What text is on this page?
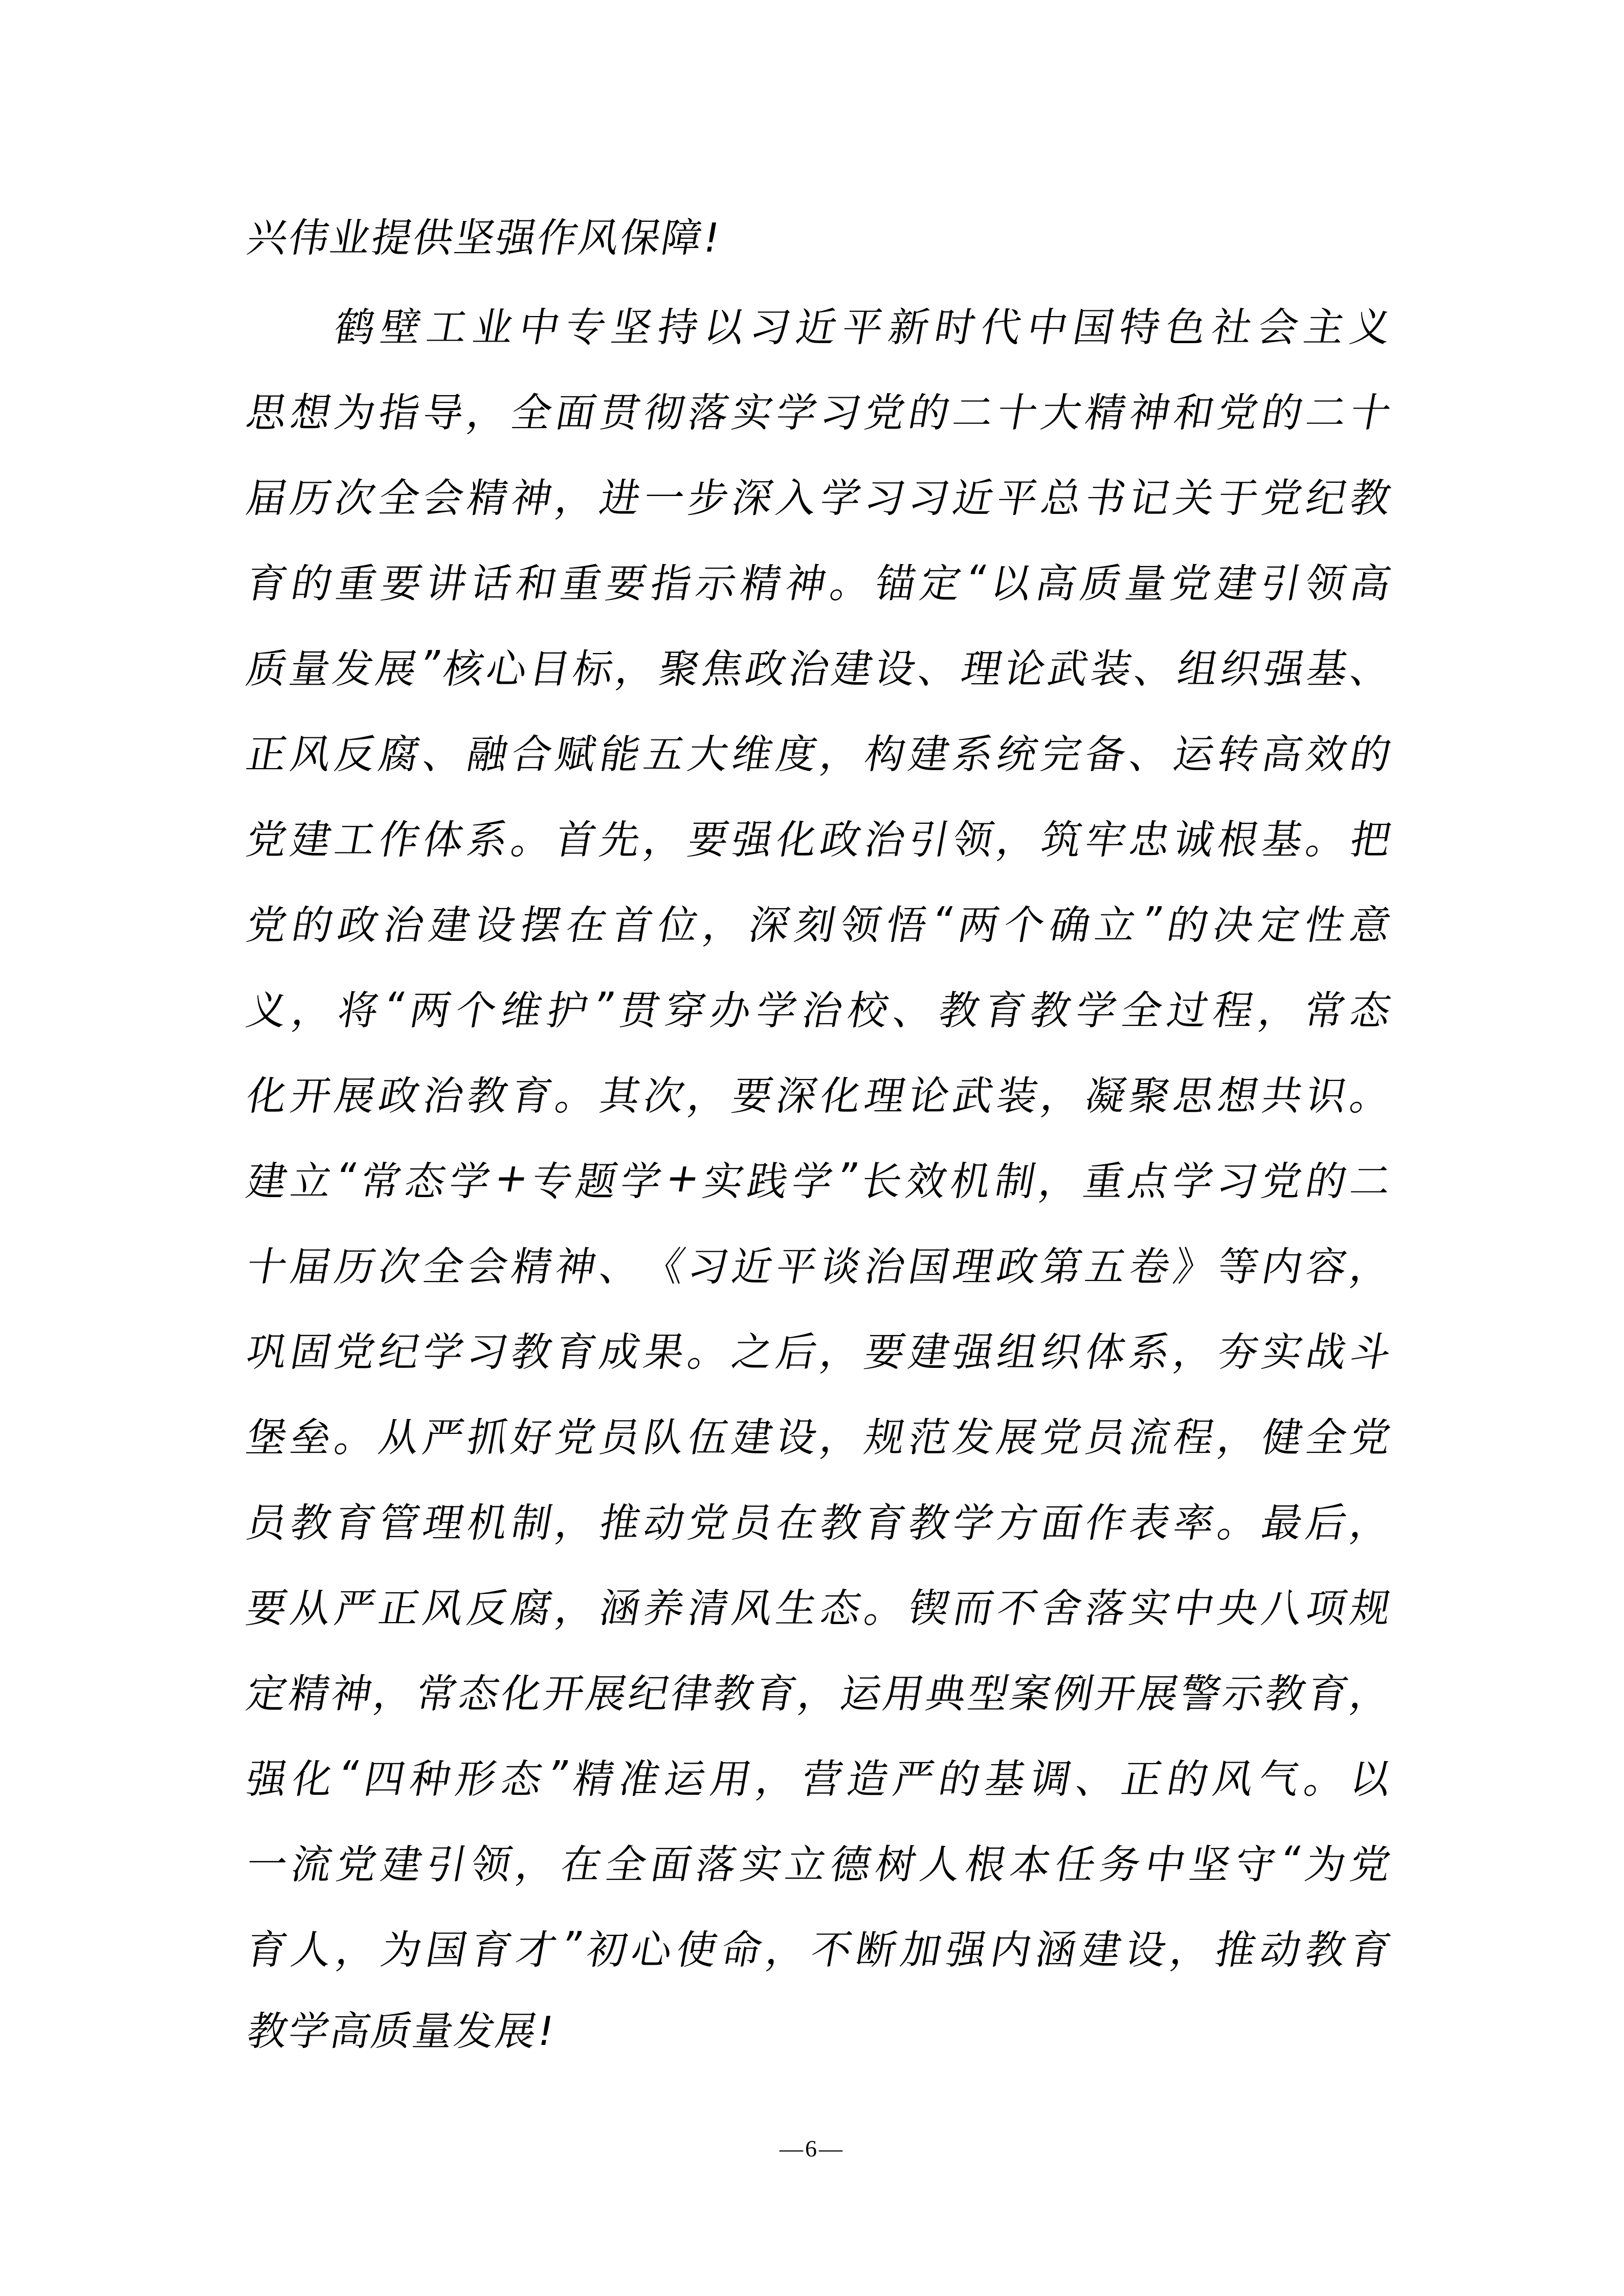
兴伟业提供坚强作风保障!
鹤
壁
工
业
中
专
坚
持
以
习
近
平
新
时
代
中
国
特
色
社
会
主
义
思
想
为
指
导
，
全
面
贯
彻
落
实
学
习
党
的
二
十
大
精
神
和
党
的
二
十
届
历
次
全
会
精
神
，
进
一
步
深
入
学
习
习
近
平
总
书
记
关
于
党
纪
教
育
的
重
要
讲
话
和
重
要
指
示
精
神
。
锚
定
“
以
高
质
量
党
建
引
领
高
质
量
发
展
”
核
心
目
标
，
聚
焦
政
治
建
设
、
理
论
武
装
、
组
织
强
基
、
正
风
反
腐
、
融
合
赋
能
五
大
维
度
，
构
建
系
统
完
备
、
运
转
高
效
的
党
建
工
作
体
系
。
首
先
，
要
强
化
政
治
引
领
，
筑
牢
忠
诚
根
基
。
把
党
的
政
治
建
设
摆
在
首
位
，
深
刻
领
悟
“
两
个
确
立
”
的
决
定
性
意
义
，
将
“
两
个
维
护
”
贯
穿
办
学
治
校
、
教
育
教
学
全
过
程
，
常
态
化
开
展
政
治
教
育
。
其
次
，
要
深
化
理
论
武
装
，
凝
聚
思
想
共
识
。
建
立
“
常
态
学
+
专
题
学
+
实
践
学
”
长
效
机
制
，
重
点
学
习
党
的
二
十
届
历
次
全
会
精
神
、
《
习
近
平
谈
治
国
理
政
第
五
卷
》
等
内
容
，
巩
固
党
纪
学
习
教
育
成
果
。
之
后
，
要
建
强
组
织
体
系
，
夯
实
战
斗
堡
垒
。
从
严
抓
好
党
员
队
伍
建
设
，
规
范
发
展
党
员
流
程
，
健
全
党
员
教
育
管
理
机
制
，
推
动
党
员
在
教
育
教
学
方
面
作
表
率
。
最
后
，
要
从
严
正
风
反
腐
，
涵
养
清
风
生
态
。
锲
而
不
舍
落
实
中
央
八
项
规
定
精
神
，
常
态
化
开
展
纪
律
教
育
，
运
用
典
型
案
例
开
展
警
示
教
育
，
强
化
“
四
种
形
态
”
精
准
运
用
，
营
造
严
的
基
调
、
正
的
风
气
。
以
一
流
党
建
引
领
，
在
全
面
落
实
立
德
树
人
根
本
任
务
中
坚
守
“
为
党
育
人
，
为
国
育
才
”
初
心
使
命
，
不
断
加
强
内
涵
建
设
，
推
动
教
育
教学高质量发展!
—6—
